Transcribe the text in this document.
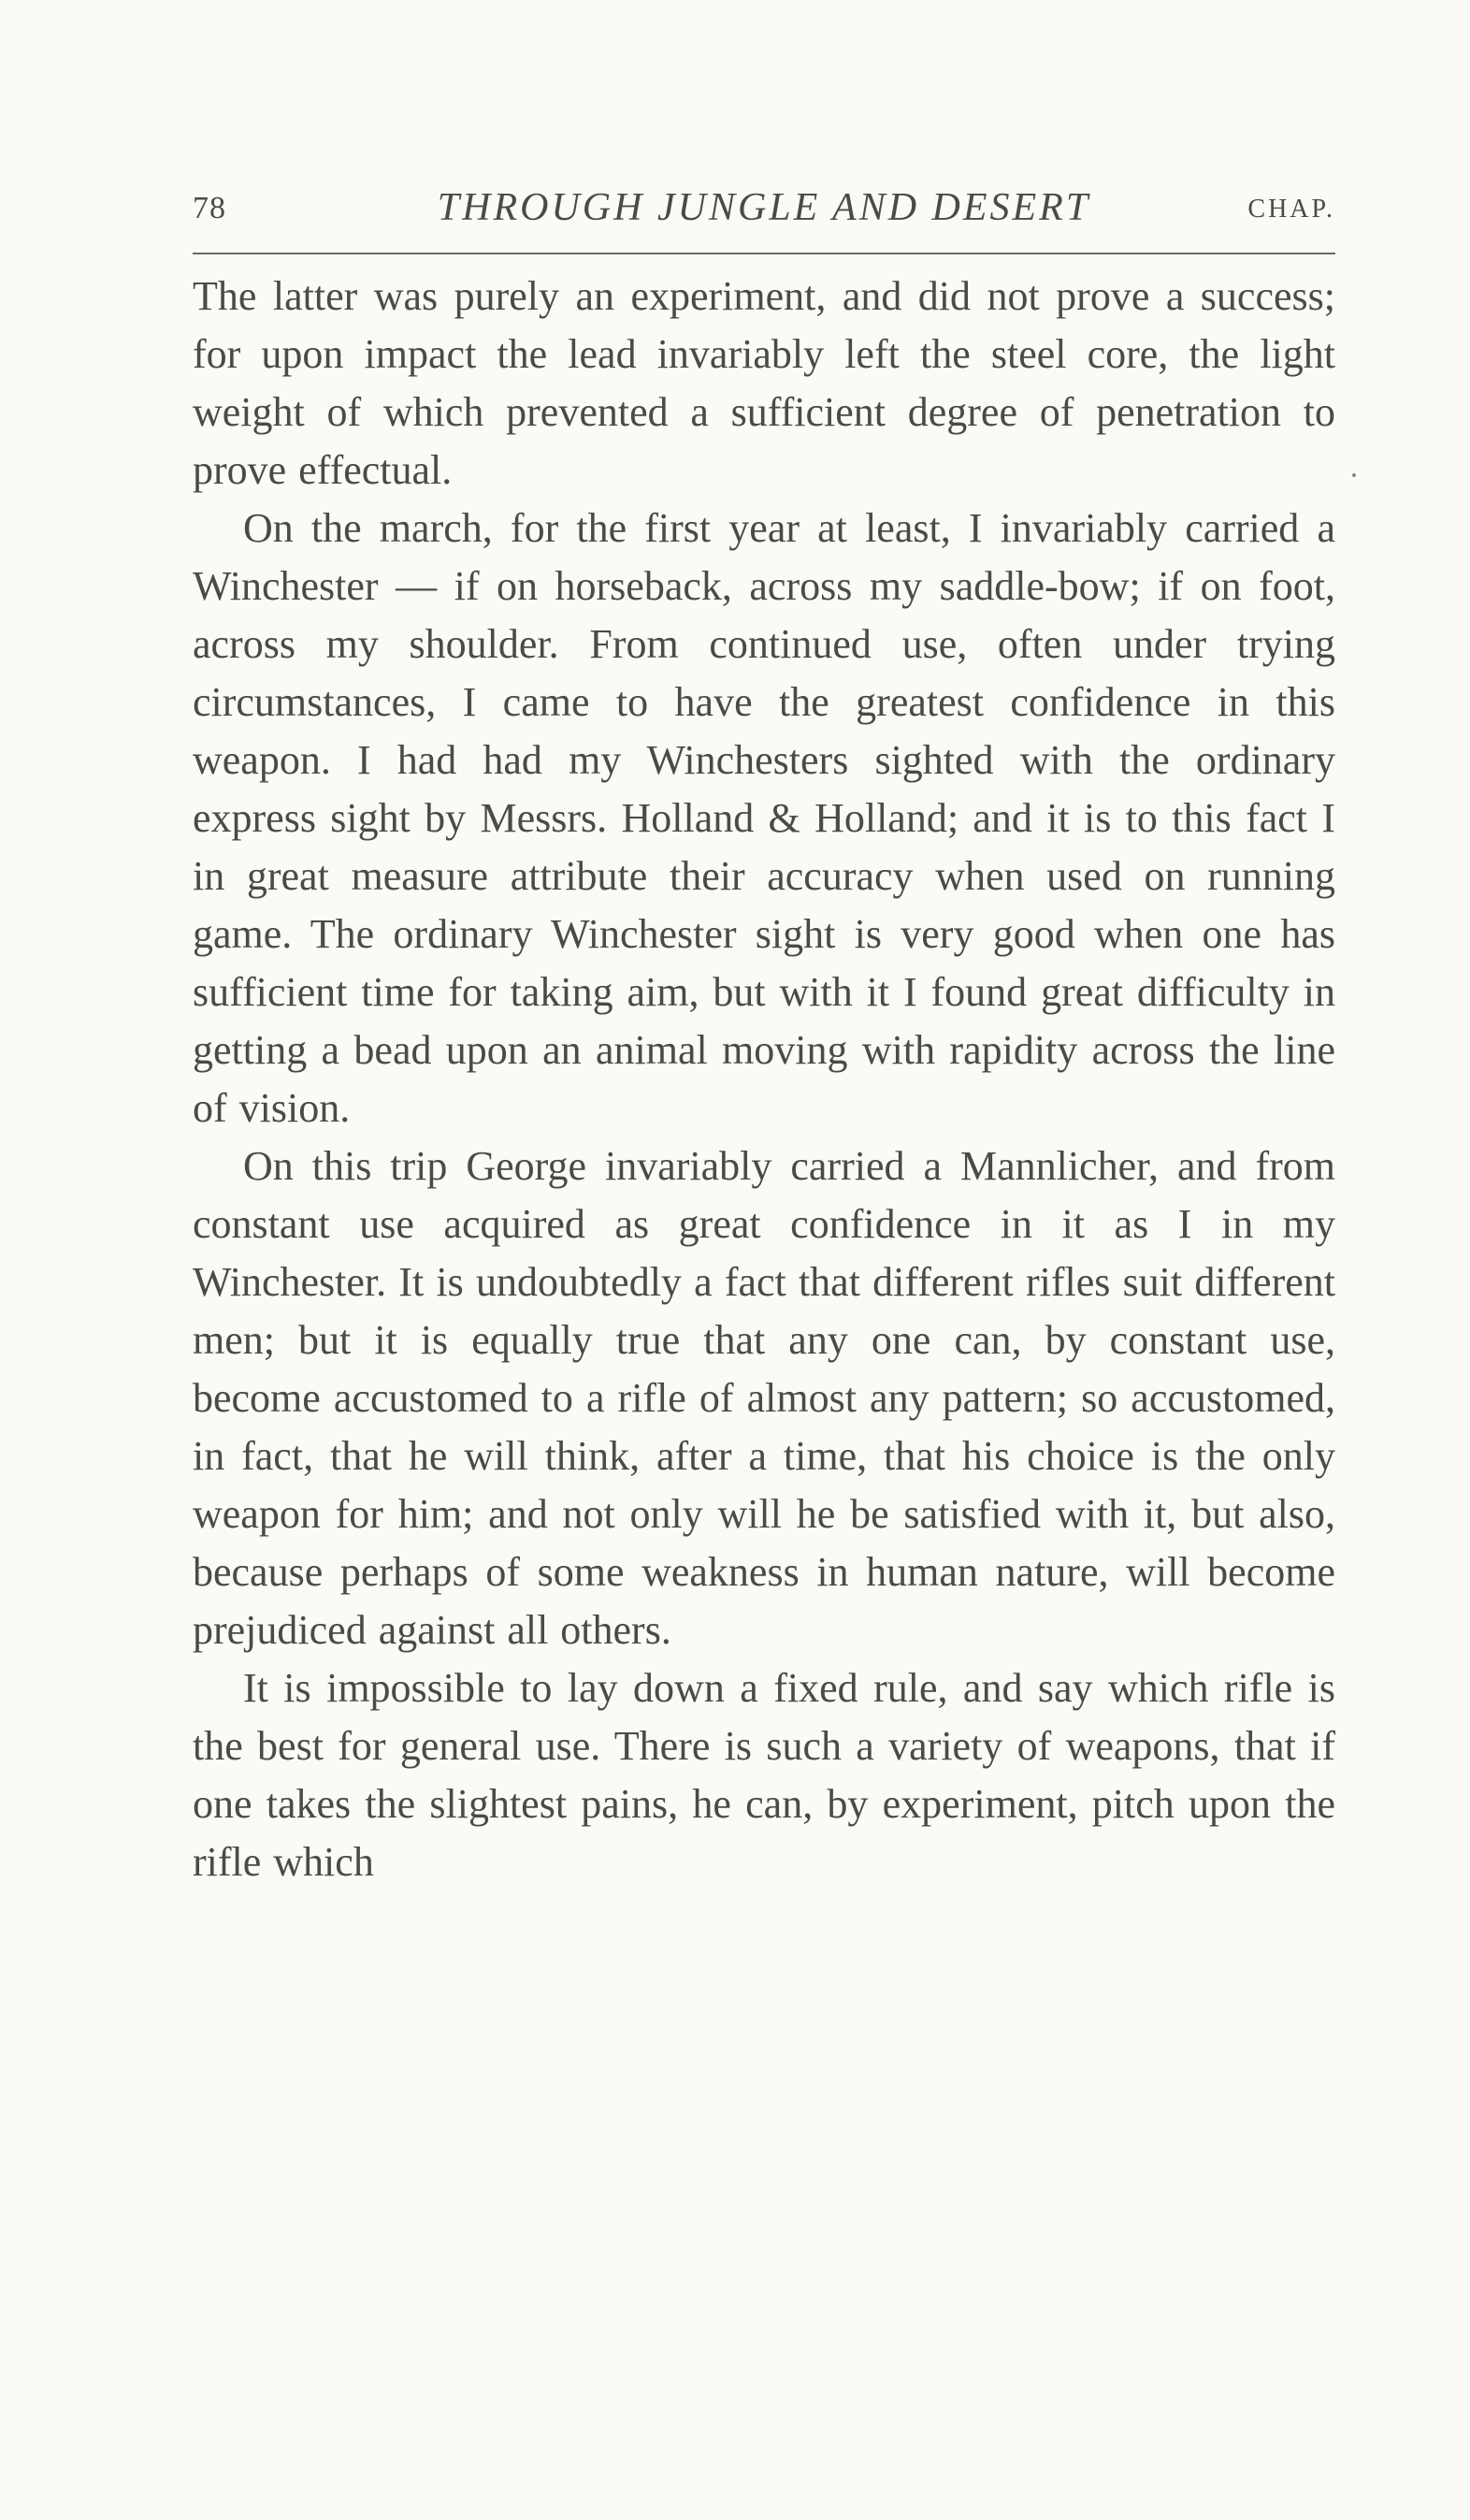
78	THROUGH JUNGLE AND DESERT	CHAP.

The latter was purely an experiment, and did not prove a success; for upon impact the lead invariably left the steel core, the light weight of which prevented a sufficient degree of penetration to prove effectual.

On the march, for the first year at least, I invariably carried a Winchester — if on horseback, across my saddle-bow; if on foot, across my shoulder. From continued use, often under trying circumstances, I came to have the greatest confidence in this weapon. I had had my Winchesters sighted with the ordinary express sight by Messrs. Holland & Holland; and it is to this fact I in great measure attribute their accuracy when used on running game. The ordinary Winchester sight is very good when one has sufficient time for taking aim, but with it I found great difficulty in getting a bead upon an animal moving with rapidity across the line of vision.

On this trip George invariably carried a Mannlicher, and from constant use acquired as great confidence in it as I in my Winchester. It is undoubtedly a fact that different rifles suit different men; but it is equally true that any one can, by constant use, become accustomed to a rifle of almost any pattern; so accustomed, in fact, that he will think, after a time, that his choice is the only weapon for him; and not only will he be satisfied with it, but also, because perhaps of some weakness in human nature, will become prejudiced against all others.

It is impossible to lay down a fixed rule, and say which rifle is the best for general use. There is such a variety of weapons, that if one takes the slightest pains, he can, by experiment, pitch upon the rifle which
